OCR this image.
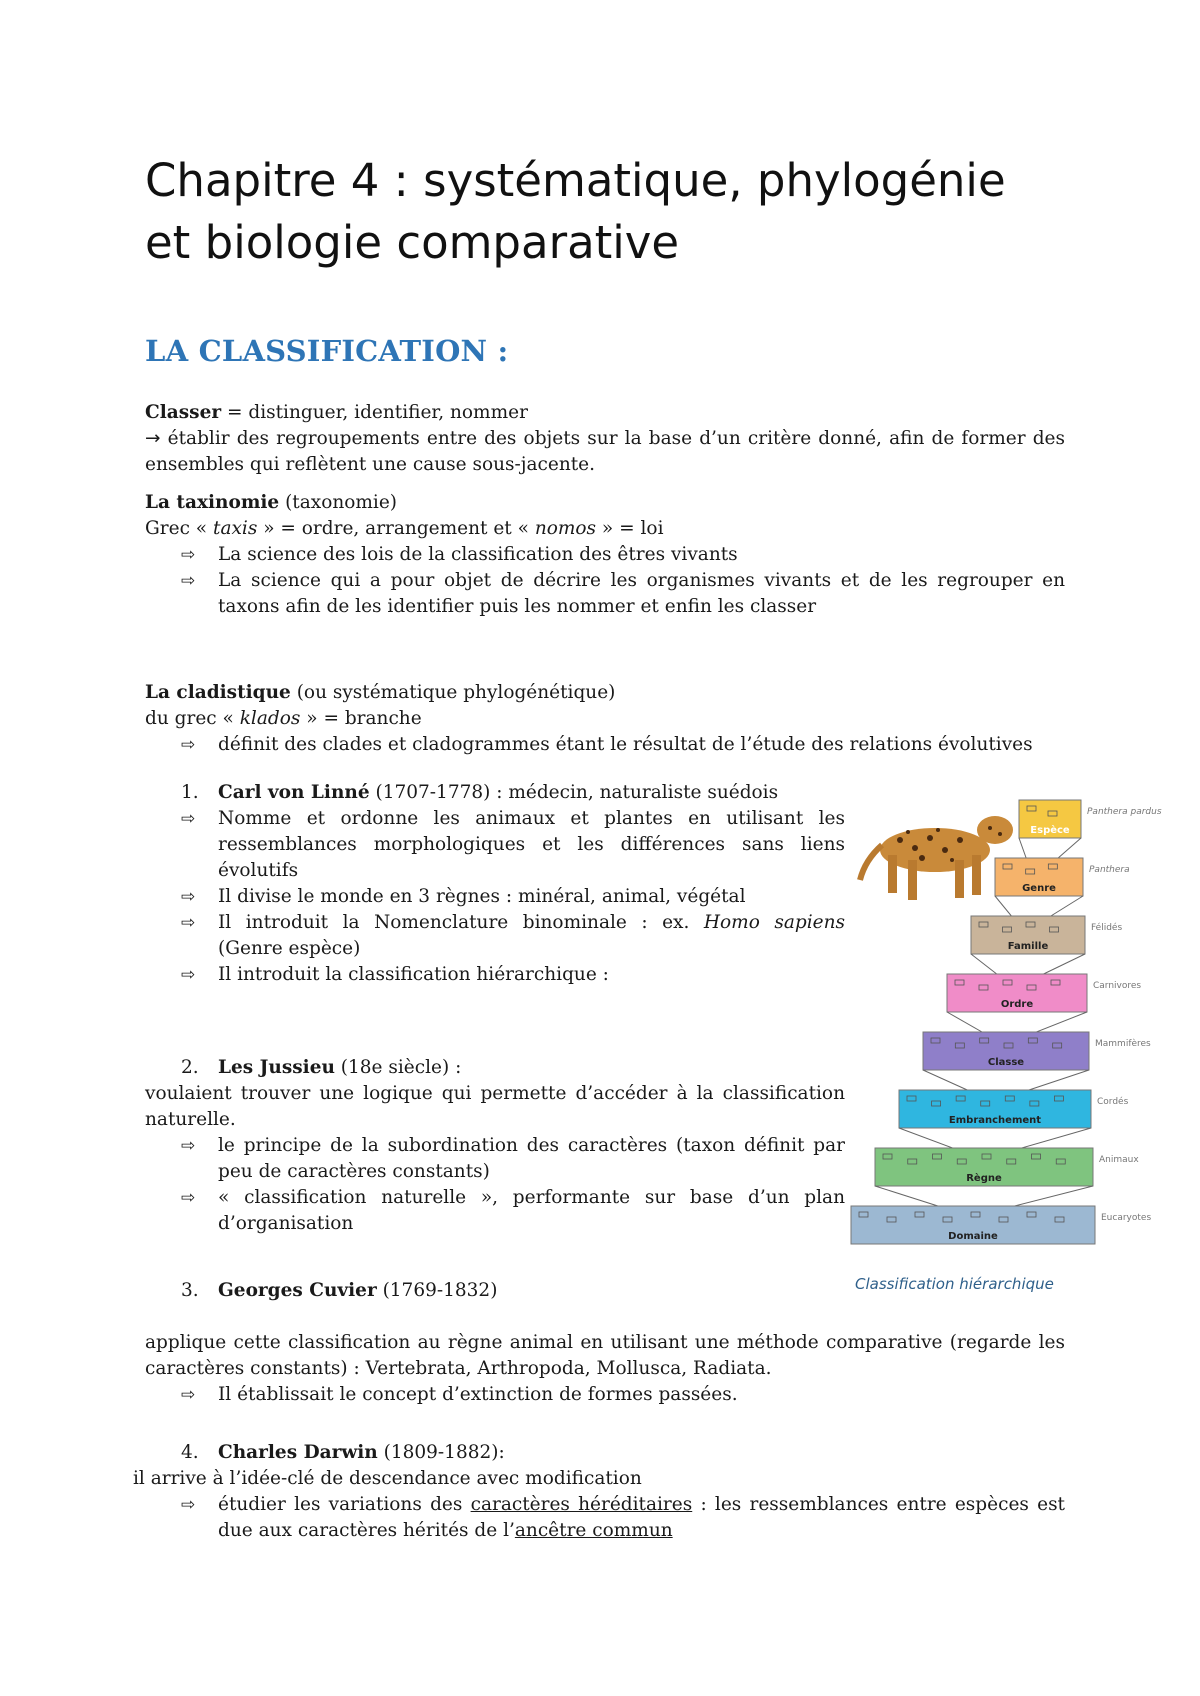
Chapitre 4 : systématique, phylogénie
et biologie comparative
LA CLASSIFICATION :
Classer = distinguer, identifier, nommer
→ établir des regroupements entre des objets sur la base d’un critère donné, afin de former des ensembles qui reflètent une cause sous-jacente.
La taxinomie (taxonomie)
Grec « taxis » = ordre, arrangement et « nomos » = loi
⇨ La science des lois de la classification des êtres vivants
⇨ La science qui a pour objet de décrire les organismes vivants et de les regrouper en taxons afin de les identifier puis les nommer et enfin les classer
La cladistique (ou systématique phylogénétique)
du grec « klados » = branche
⇨ définit des clades et cladogrammes étant le résultat de l’étude des relations évolutives
1. Carl von Linné (1707-1778) : médecin, naturaliste suédois
⇨ Nomme et ordonne les animaux et plantes en utilisant les ressemblances morphologiques et les différences sans liens évolutifs
⇨ Il divise le monde en 3 règnes : minéral, animal, végétal
⇨ Il introduit la Nomenclature binominale : ex. Homo sapiens (Genre espèce)
⇨ Il introduit la classification hiérarchique :
2. Les Jussieu (18e siècle) :
voulaient trouver une logique qui permette d’accéder à la classification naturelle.
⇨ le principe de la subordination des caractères (taxon définit par peu de caractères constants)
⇨ « classification naturelle », performante sur base d’un plan d’organisation
3. Georges Cuvier (1769-1832)
applique cette classification au règne animal en utilisant une méthode comparative (regarde les caractères constants) : Vertebrata, Arthropoda, Mollusca, Radiata.
⇨ Il établissait le concept d’extinction de formes passées.
4. Charles Darwin (1809-1882):
il arrive à l’idée-clé de descendance avec modification
⇨ étudier les variations des caractères héréditaires : les ressemblances entre espèces est due aux caractères hérités de l’ancêtre commun
Espèce
Panthera pardus
Genre
Panthera
Famille
Félidés
Ordre
Carnivores
Classe
Mammifères
Embranchement
Cordés
Règne
Animaux
Domaine
Eucaryotes
Classification hiérarchique
